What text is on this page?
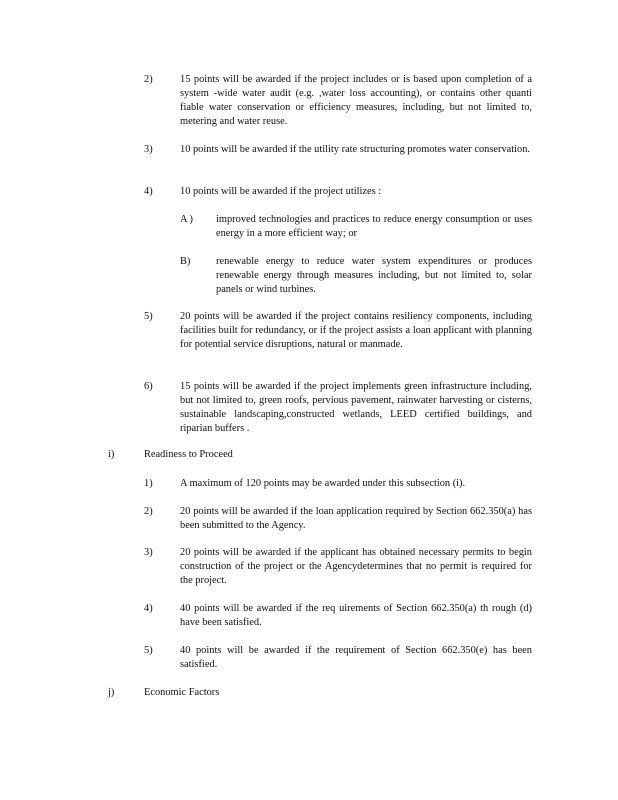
2)	15 points will be awarded if the project includes or is based upon completion of a system -wide water audit (e.g. ,water loss accounting), or contains other quanti fiable water conservation or efficiency measures, including, but not limited to, metering and water reuse.
3)	10 points will be awarded if the utility rate structuring promotes water conservation.
4)	10 points will be awarded if the project utilizes :
A ) improved technologies and practices to reduce energy consumption or uses energy in a more efficient way; or
B) renewable energy to reduce water system expenditures or produces renewable energy through measures including, but not limited to, solar panels or wind turbines.
5)	20 points will be awarded if the project contains resiliency components, including facilities built for redundancy, or if the project assists a loan applicant with planning for potential service disruptions, natural or manmade.
6)	15 points will be awarded if the project implements green infrastructure including, but not limited to, green roofs, pervious pavement, rainwater harvesting or cisterns, sustainable landscaping,constructed wetlands, LEED certified buildings, and riparian buffers .
i)	Readiness to Proceed
1)	A maximum of 120 points may be awarded under this subsection (i).
2)	20 points will be awarded if the loan application required by Section 662.350(a) has been submitted to the Agency.
3)	20 points will be awarded if the applicant has obtained necessary permits to begin construction of the project or the Agencydetermines that no permit is required for the project.
4)	40 points will be awarded if the req uirements of Section 662.350(a) th rough (d) have been satisfied.
5)	40 points will be awarded if the requirement of Section 662.350(e) has been satisfied.
j)	Economic Factors
